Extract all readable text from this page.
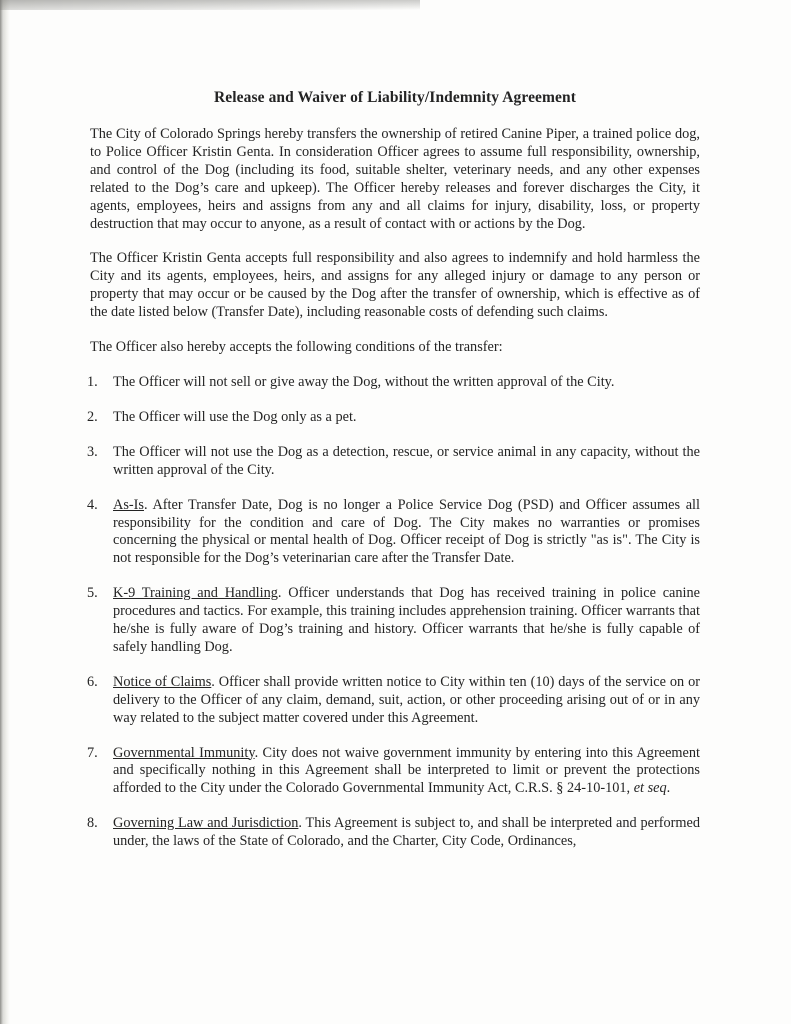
Release and Waiver of Liability/Indemnity Agreement

The City of Colorado Springs hereby transfers the ownership of retired Canine Piper, a trained police dog, to Police Officer Kristin Genta. In consideration Officer agrees to assume full responsibility, ownership, and control of the Dog (including its food, suitable shelter, veterinary needs, and any other expenses related to the Dog’s care and upkeep). The Officer hereby releases and forever discharges the City, it agents, employees, heirs and assigns from any and all claims for injury, disability, loss, or property destruction that may occur to anyone, as a result of contact with or actions by the Dog.

The Officer Kristin Genta accepts full responsibility and also agrees to indemnify and hold harmless the City and its agents, employees, heirs, and assigns for any alleged injury or damage to any person or property that may occur or be caused by the Dog after the transfer of ownership, which is effective as of the date listed below (Transfer Date), including reasonable costs of defending such claims.

The Officer also hereby accepts the following conditions of the transfer:

1.	The Officer will not sell or give away the Dog, without the written approval of the City.
2.	The Officer will use the Dog only as a pet.
3.	The Officer will not use the Dog as a detection, rescue, or service animal in any capacity, without the written approval of the City.
4.	As-Is. After Transfer Date, Dog is no longer a Police Service Dog (PSD) and Officer assumes all responsibility for the condition and care of Dog. The City makes no warranties or promises concerning the physical or mental health of Dog. Officer receipt of Dog is strictly "as is". The City is not responsible for the Dog’s veterinarian care after the Transfer Date.
5.	K-9 Training and Handling. Officer understands that Dog has received training in police canine procedures and tactics. For example, this training includes apprehension training. Officer warrants that he/she is fully aware of Dog’s training and history. Officer warrants that he/she is fully capable of safely handling Dog.
6.	Notice of Claims. Officer shall provide written notice to City within ten (10) days of the service on or delivery to the Officer of any claim, demand, suit, action, or other proceeding arising out of or in any way related to the subject matter covered under this Agreement.
7.	Governmental Immunity. City does not waive government immunity by entering into this Agreement and specifically nothing in this Agreement shall be interpreted to limit or prevent the protections afforded to the City under the Colorado Governmental Immunity Act, C.R.S. § 24-10-101, et seq.
8.	Governing Law and Jurisdiction. This Agreement is subject to, and shall be interpreted and performed under, the laws of the State of Colorado, and the Charter, City Code, Ordinances,
